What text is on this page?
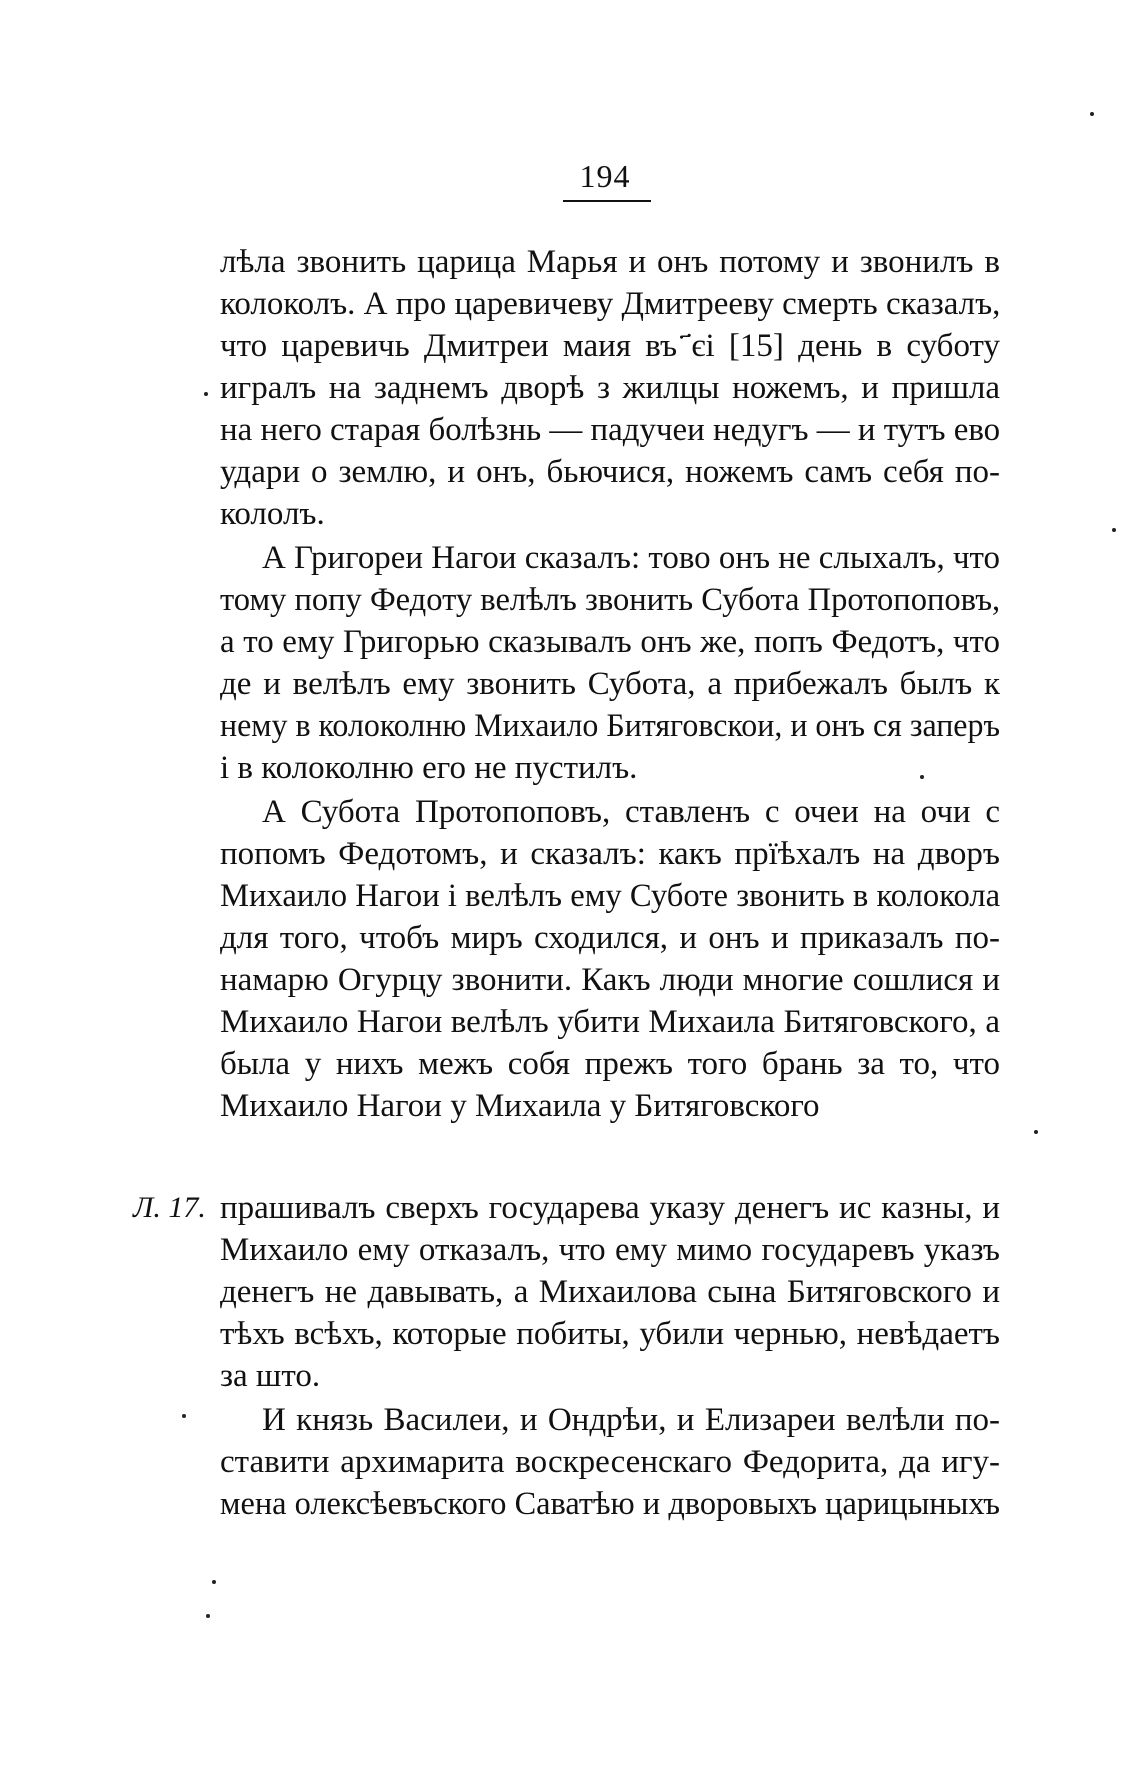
194
лѣла звонить царица Марья и онъ потому и звонилъ в
колоколъ. А про царевичеву Дмитрееву смерть сказалъ,
что царевичь Дмитреи маия въ ҃єі [15] день в суботу
игралъ на заднемъ дворѣ з жилцы ножемъ, и пришла
на него старая болѣзнь — падучеи недугъ — и тутъ ево
удари о землю, и онъ, бьючися, ножемъ самъ себя по-
кололъ.
А Григореи Нагои сказалъ: тово онъ не слыхалъ, что
тому попу Федоту велѣлъ звонить Субота Протопоповъ,
а то ему Григорью сказывалъ онъ же, попъ Федотъ, что
де и велѣлъ ему звонить Субота, а прибежалъ былъ к
нему в колоколню Михаило Битяговскои, и онъ ся заперъ
і в колоколню его не пустилъ.
А Субота Протопоповъ, ставленъ с очеи на очи с
попомъ Федотомъ, и сказалъ: какъ прїѣхалъ на дворъ
Михаило Нагои і велѣлъ ему Суботе звонить в колокола
для того, чтобъ миръ сходился, и онъ и приказалъ по-
намарю Огурцу звонити. Какъ люди многие сошлися и
Михаило Нагои велѣлъ убити Михаила Битяговского, а
была у нихъ межъ собя прежъ того брань за то, что
Михаило Нагои у Михаила у Битяговского
Л. 17. прашивалъ сверхъ государева указу денегъ ис казны, и
Михаило ему отказалъ, что ему мимо государевъ указъ
денегъ не давывать, а Михаилова сына Битяговского и
тѣхъ всѣхъ, которые побиты, убили чернью, невѣдаетъ
за што.
И князь Василеи, и Ондрѣи, и Елизареи велѣли по-
ставити архимарита воскресенскаго Федорита, да игу-
мена олексѣевъского Саватѣю и дворовыхъ царицыныхъ
